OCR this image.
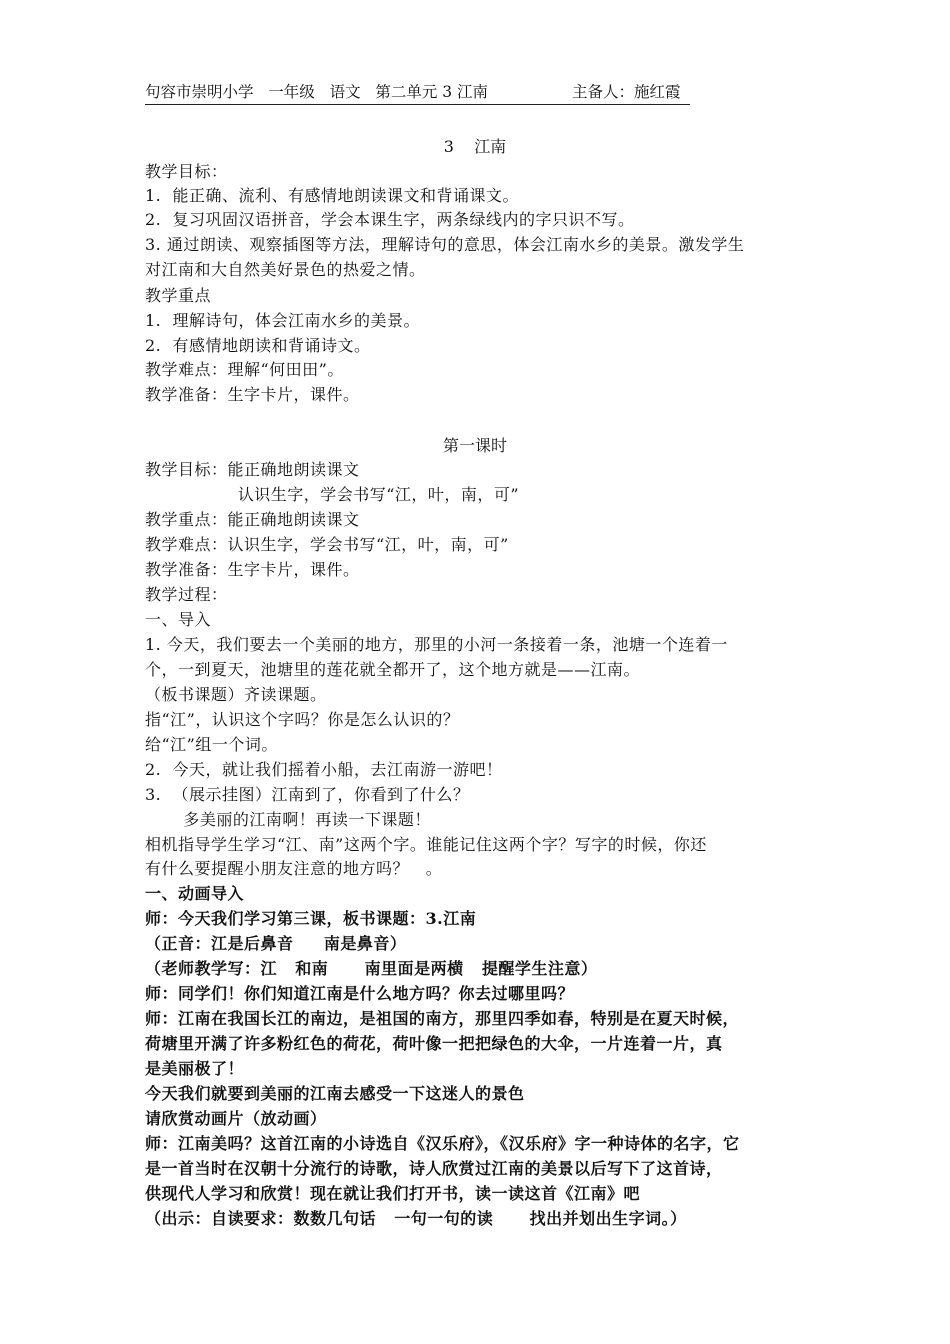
句容市崇明小学   一年级   语文   第二单元 3 江南	主备人：施红霞
3    江南
教学目标：
1.  能正确、流利、有感情地朗读课文和背诵课文。
2.  复习巩固汉语拼音，学会本课生字，两条绿线内的字只识不写。
3. 通过朗读、观察插图等方法，理解诗句的意思，体会江南水乡的美景。激发学生
对江南和大自然美好景色的热爱之情。
教学重点
1.  理解诗句，体会江南水乡的美景。
2.  有感情地朗读和背诵诗文。
教学难点：理解“何田田”。
教学准备：生字卡片，课件。
第一课时
教学目标：能正确地朗读课文
认识生字，学会书写“江，叶，南，可”
教学重点：能正确地朗读课文
教学难点：认识生字，学会书写“江，叶，南，可”
教学准备：生字卡片，课件。
教学过程：
一、导入
1. 今天，我们要去一个美丽的地方，那里的小河一条接着一条，池塘一个连着一
个，一到夏天，池塘里的莲花就全都开了，这个地方就是——江南。
（板书课题）齐读课题。
指“江”，认识这个字吗？你是怎么认识的？
给“江”组一个词。
2.  今天，就让我们摇着小船，去江南游一游吧！
3.  （展示挂图）江南到了，你看到了什么？
多美丽的江南啊！再读一下课题！
相机指导学生学习“江、南”这两个字。谁能记住这两个字？写字的时候，你还
有什么要提醒小朋友注意的地方吗？   。
一、动画导入
师：今天我们学习第三课，板书课题：3.江南
（正音：江是后鼻音     南是鼻音）
（老师教学写：江   和南      南里面是两横   提醒学生注意）
师：同学们！你们知道江南是什么地方吗？你去过哪里吗？
师：江南在我国长江的南边，是祖国的南方，那里四季如春，特别是在夏天时候，
荷塘里开满了许多粉红色的荷花，荷叶像一把把绿色的大伞，一片连着一片，真
是美丽极了！
今天我们就要到美丽的江南去感受一下这迷人的景色
请欣赏动画片（放动画）
师：江南美吗？这首江南的小诗选自《汉乐府》，《汉乐府》字一种诗体的名字，它
是一首当时在汉朝十分流行的诗歌，诗人欣赏过江南的美景以后写下了这首诗，
供现代人学习和欣赏！现在就让我们打开书，读一读这首《江南》吧
（出示：自读要求：数数几句话   一句一句的读      找出并划出生字词。）
